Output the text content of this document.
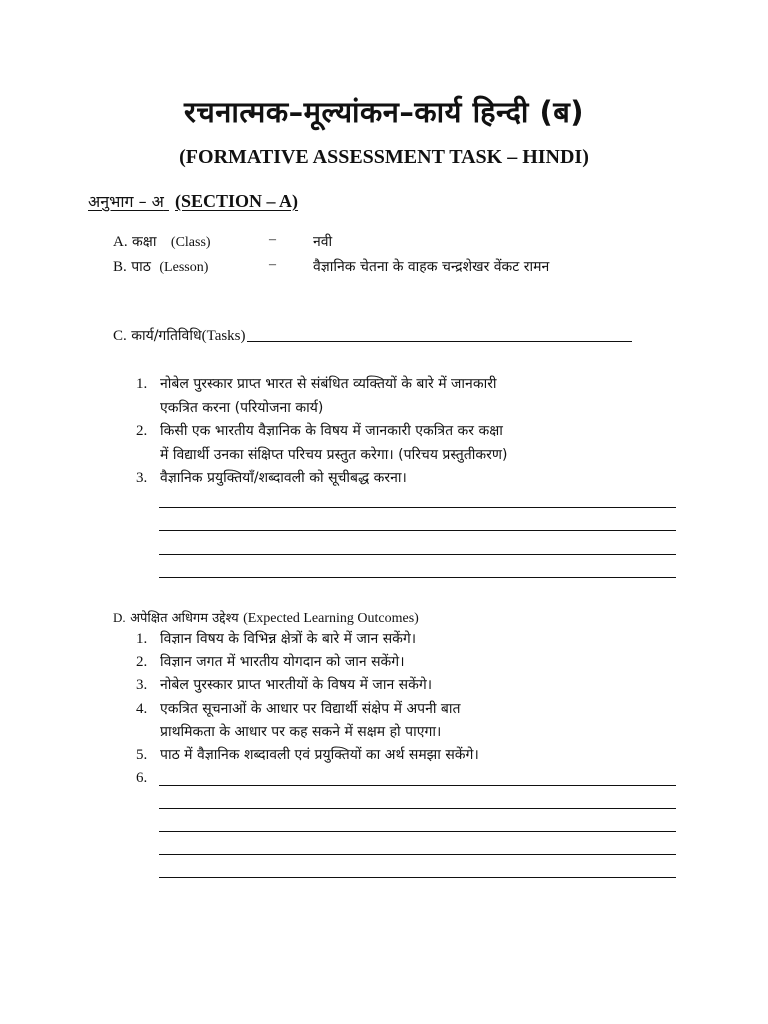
रचनात्मक–मूल्यांकन–कार्य हिन्दी (ब)
(FORMATIVE ASSESSMENT TASK – HINDI)
अनुभाग – अ (SECTION – A)
A. कक्षा (Class)	–	नवी
B. पाठ (Lesson)	–	वैज्ञानिक चेतना के वाहक चन्द्रशेखर वेंकट रामन
C. कार्य/गतिविधि(Tasks)
1. नोबेल पुरस्कार प्राप्त भारत से संबंधित व्यक्तियों के बारे में जानकारी
एकत्रित करना (परियोजना कार्य)
2. किसी एक भारतीय वैज्ञानिक के विषय में जानकारी एकत्रित कर कक्षा
में विद्यार्थी उनका संक्षिप्त परिचय प्रस्तुत करेगा। (परिचय प्रस्तुतीकरण)
3. वैज्ञानिक प्रयुक्तियाँ/शब्दावली को सूचीबद्ध करना।
D. अपेक्षित अधिगम उद्देश्य (Expected Learning Outcomes)
1. विज्ञान विषय के विभिन्न क्षेत्रों के बारे में जान सकेंगे।
2. विज्ञान जगत में भारतीय योगदान को जान सकेंगे।
3. नोबेल पुरस्कार प्राप्त भारतीयों के विषय में जान सकेंगे।
4. एकत्रित सूचनाओं के आधार पर विद्यार्थी संक्षेप में अपनी बात
प्राथमिकता के आधार पर कह सकने में सक्षम हो पाएगा।
5. पाठ में वैज्ञानिक शब्दावली एवं प्रयुक्तियों का अर्थ समझा सकेंगे।
6.
